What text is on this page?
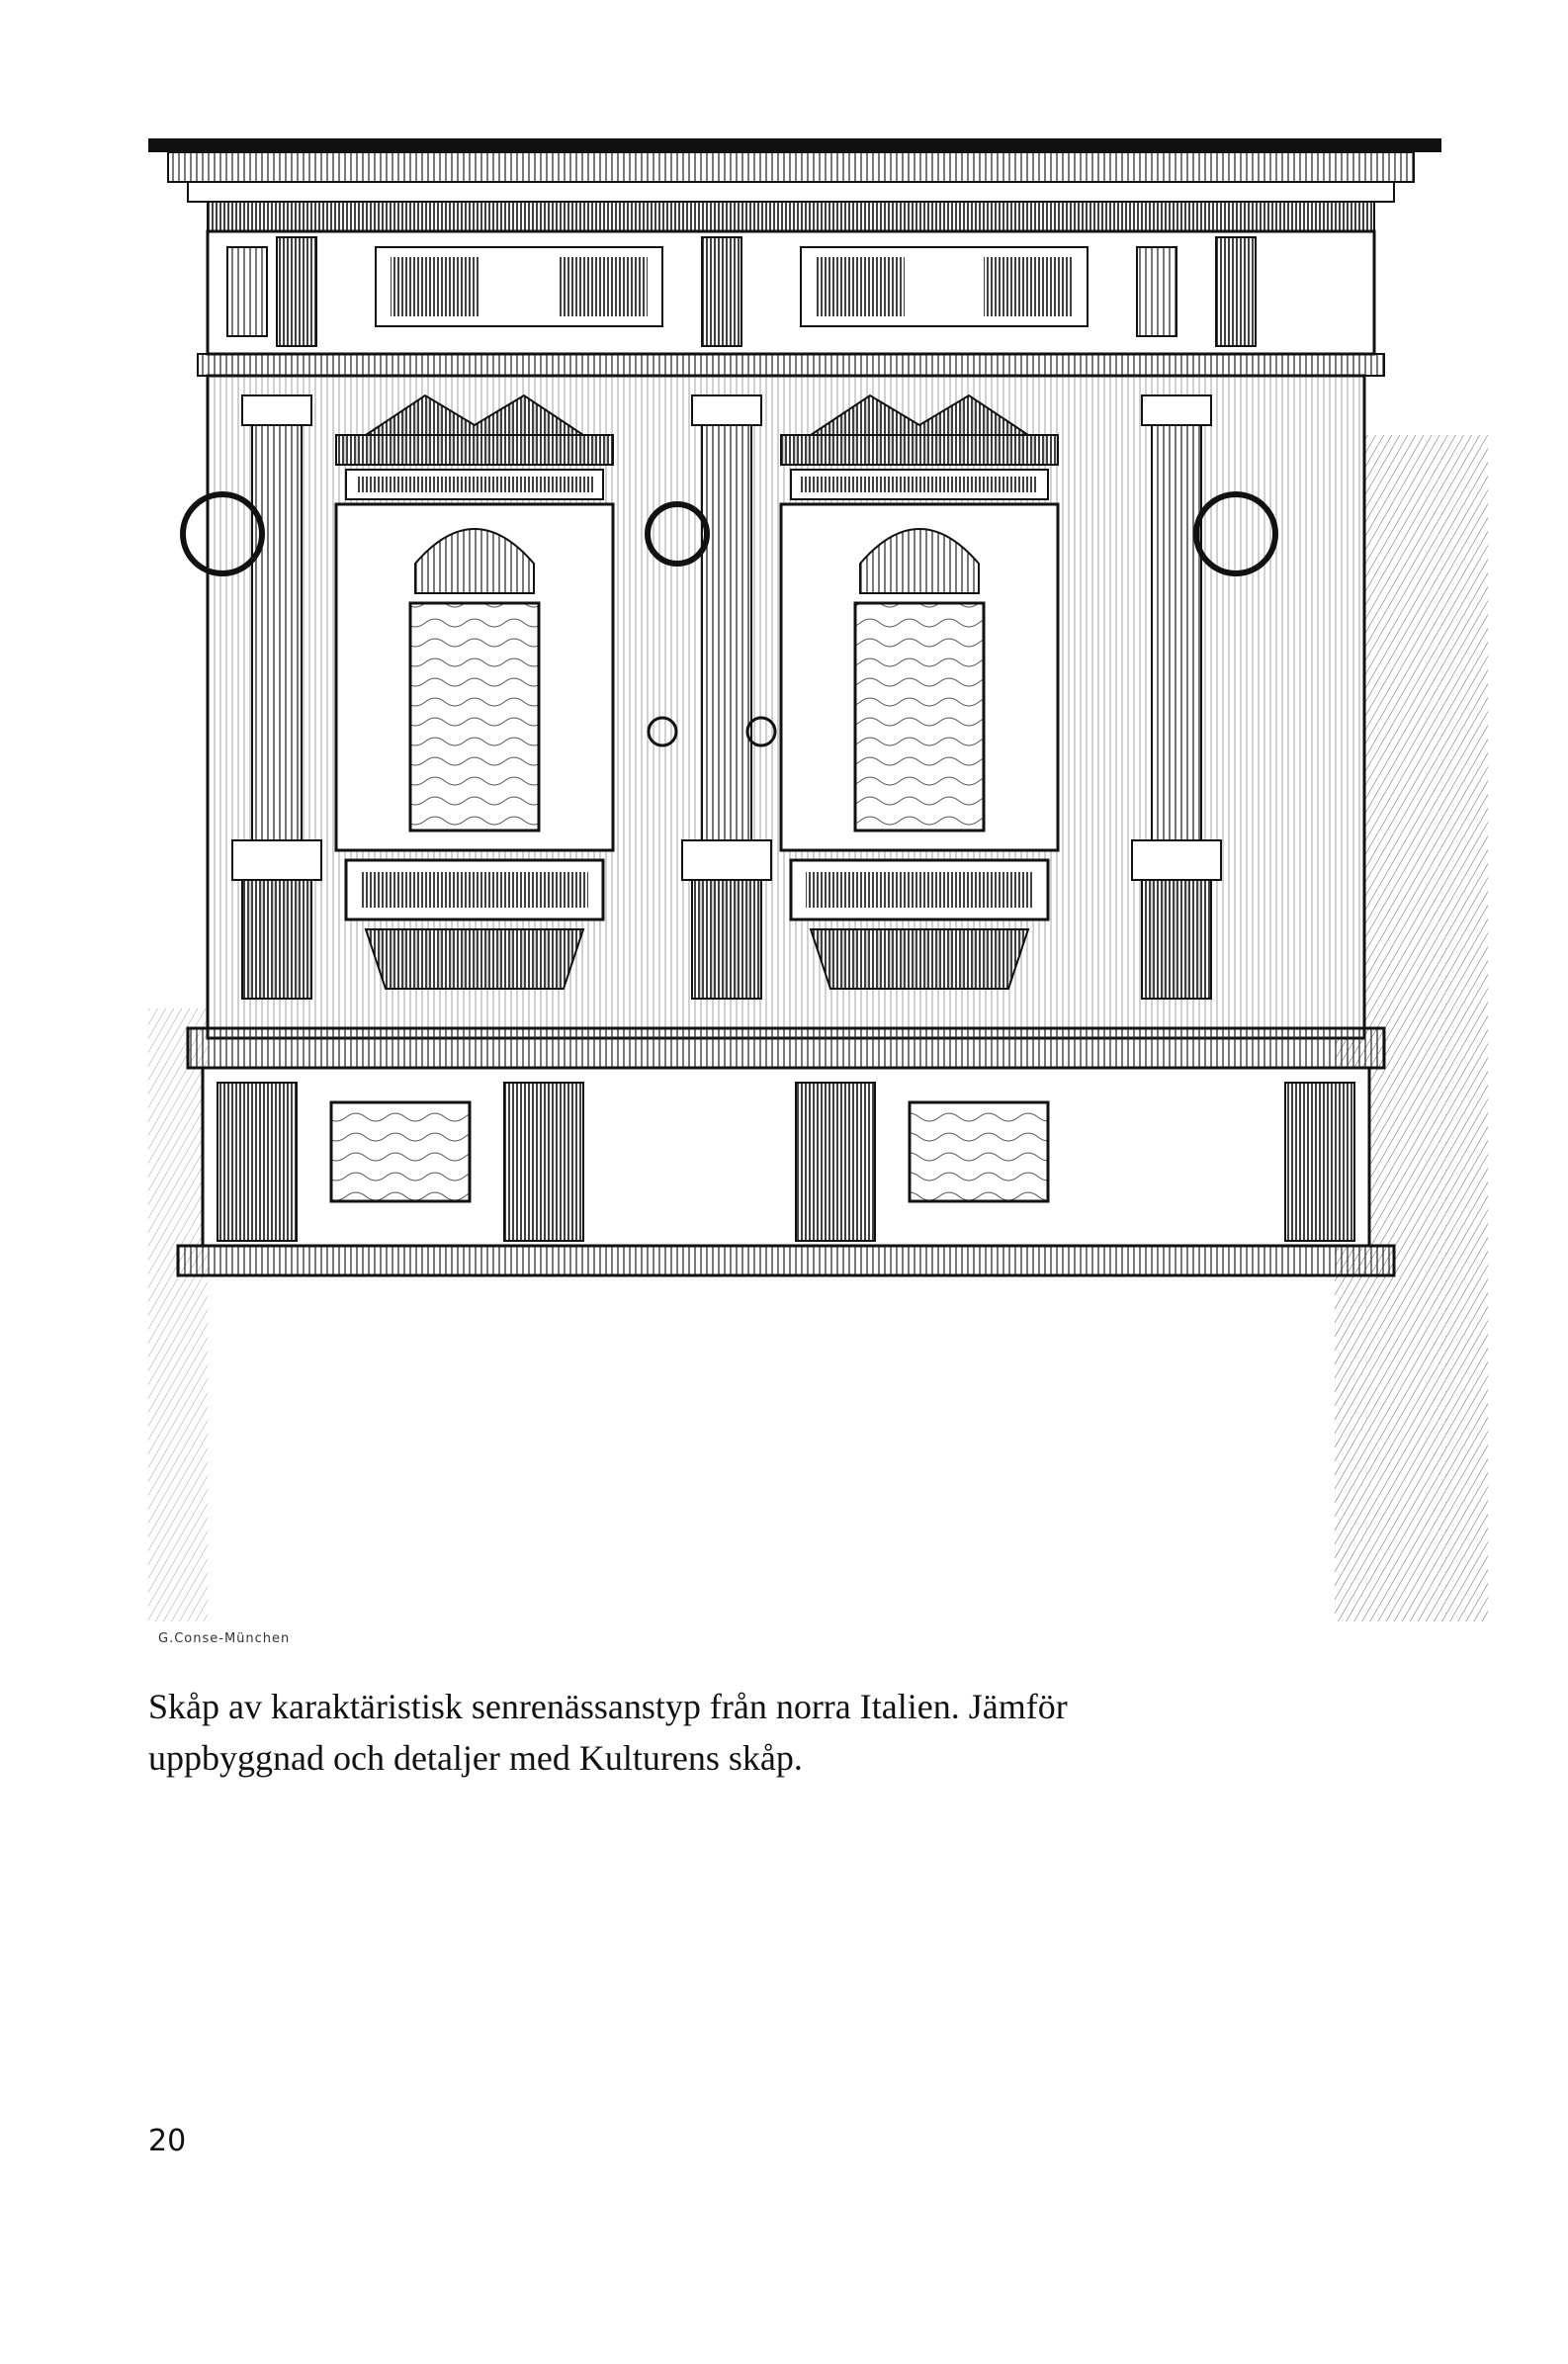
G.Conse-München
Skåp av karaktäristisk senrenässanstyp från norra Italien. Jämför
uppbyggnad och detaljer med Kulturens skåp.
20
